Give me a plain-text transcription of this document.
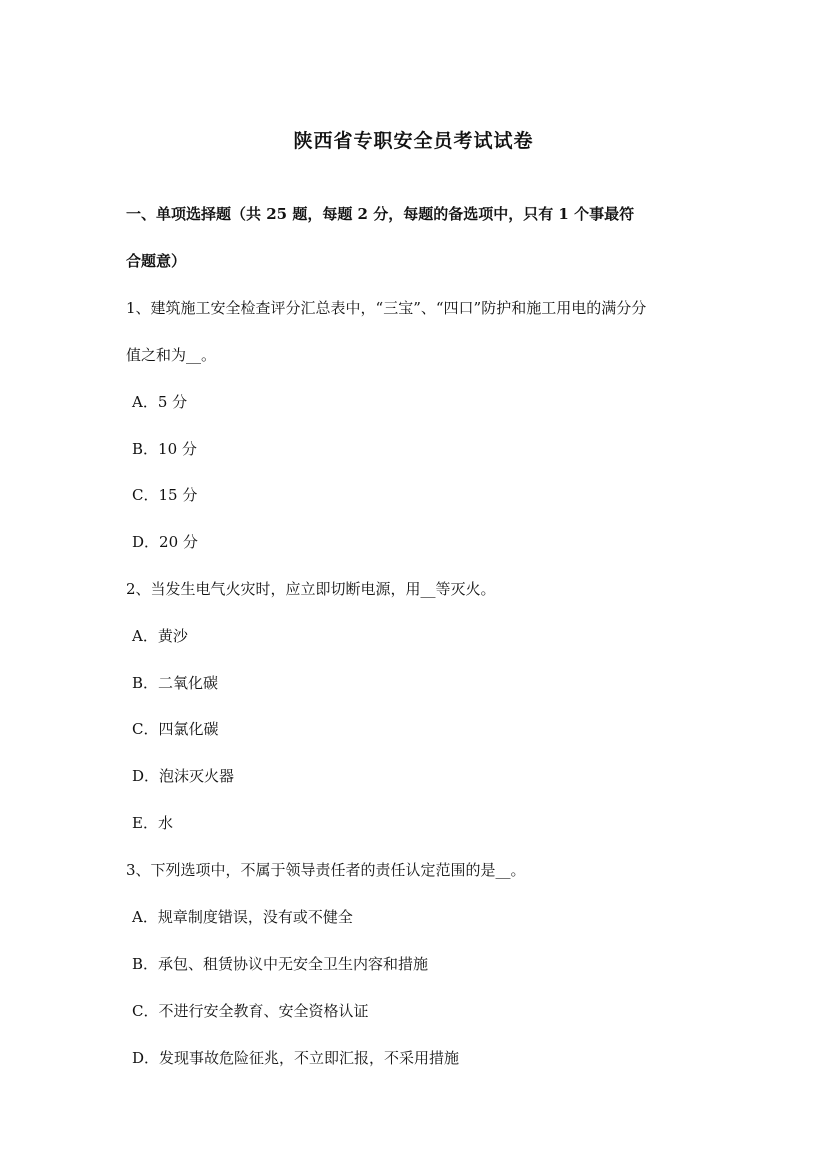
陕西省专职安全员考试试卷
一、单项选择题（共 25 题，每题 2 分，每题的备选项中，只有 1 个事最符
合题意）
1、建筑施工安全检查评分汇总表中，“三宝”、“四口”防护和施工用电的满分分
值之和为__。
A．5 分
B．10 分
C．15 分
D．20 分
2、当发生电气火灾时，应立即切断电源，用__等灭火。
A．黄沙
B．二氧化碳
C．四氯化碳
D．泡沫灭火器
E．水
3、下列选项中，不属于领导责任者的责任认定范围的是__。
A．规章制度错误，没有或不健全
B．承包、租赁协议中无安全卫生内容和措施
C．不进行安全教育、安全资格认证
D．发现事故危险征兆，不立即汇报，不采用措施
